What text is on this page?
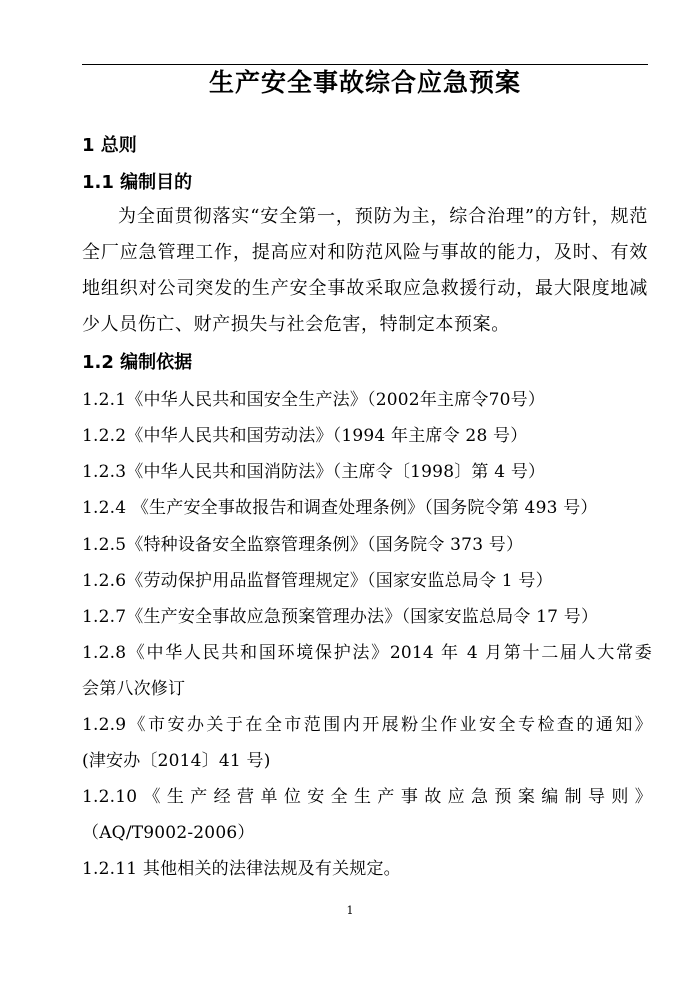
生产安全事故综合应急预案
1 总则
1.1 编制目的
为全面贯彻落实“安全第一，预防为主，综合治理”的方针，规范全厂应急管理工作，提高应对和防范风险与事故的能力，及时、有效地组织对公司突发的生产安全事故采取应急救援行动，最大限度地减少人员伤亡、财产损失与社会危害，特制定本预案。
1.2 编制依据
1.2.1《中华人民共和国安全生产法》（2002年主席令70号）
1.2.2《中华人民共和国劳动法》（1994 年主席令 28 号）
1.2.3《中华人民共和国消防法》（主席令〔1998〕第 4 号）
1.2.4 《生产安全事故报告和调查处理条例》（国务院令第 493 号）
1.2.5《特种设备安全监察管理条例》（国务院令 373 号）
1.2.6《劳动保护用品监督管理规定》（国家安监总局令 1 号）
1.2.7《生产安全事故应急预案管理办法》（国家安监总局令 17 号）
1.2.8《中华人民共和国环境保护法》2014 年 4 月第十二届人大常委
会第八次修订
1.2.9《市安办关于在全市范围内开展粉尘作业安全专检查的通知》
(津安办〔2014〕41 号)
1.2.10《生产经营单位安全生产事故应急预案编制导则》
（AQ/T9002-2006）
1.2.11 其他相关的法律法规及有关规定。
1
